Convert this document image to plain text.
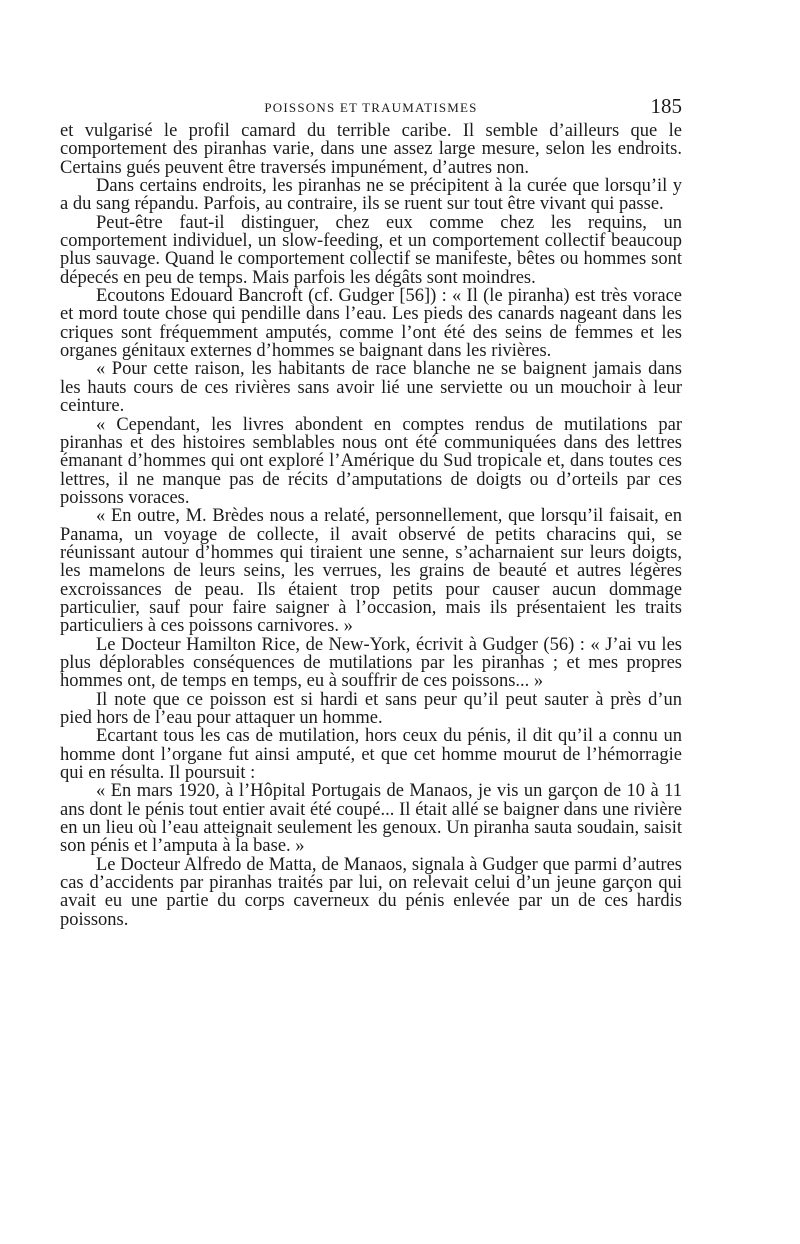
POISSONS ET TRAUMATISMES	185

et vulgarisé le profil camard du terrible caribe. Il semble d’ailleurs que le comportement des piranhas varie, dans une assez large mesure, selon les endroits. Certains gués peuvent être traversés impunément, d’autres non.

Dans certains endroits, les piranhas ne se précipitent à la curée que lorsqu’il y a du sang répandu. Parfois, au contraire, ils se ruent sur tout être vivant qui passe.

Peut-être faut-il distinguer, chez eux comme chez les requins, un comportement individuel, un slow-feeding, et un comportement collectif beaucoup plus sauvage. Quand le comportement collectif se manifeste, bêtes ou hommes sont dépecés en peu de temps. Mais parfois les dégâts sont moindres.

Ecoutons Edouard Bancroft (cf. Gudger [56]) : « Il (le piranha) est très vorace et mord toute chose qui pendille dans l’eau. Les pieds des canards nageant dans les criques sont fréquemment amputés, comme l’ont été des seins de femmes et les organes génitaux externes d’hommes se baignant dans les rivières.

« Pour cette raison, les habitants de race blanche ne se baignent jamais dans les hauts cours de ces rivières sans avoir lié une serviette ou un mouchoir à leur ceinture.

« Cependant, les livres abondent en comptes rendus de mutilations par piranhas et des histoires semblables nous ont été communiquées dans des lettres émanant d’hommes qui ont exploré l’Amérique du Sud tropicale et, dans toutes ces lettres, il ne manque pas de récits d’amputations de doigts ou d’orteils par ces poissons voraces.

« En outre, M. Brèdes nous a relaté, personnellement, que lorsqu’il faisait, en Panama, un voyage de collecte, il avait observé de petits characins qui, se réunissant autour d’hommes qui tiraient une senne, s’acharnaient sur leurs doigts, les mamelons de leurs seins, les verrues, les grains de beauté et autres légères excroissances de peau. Ils étaient trop petits pour causer aucun dommage particulier, sauf pour faire saigner à l’occasion, mais ils présentaient les traits particuliers à ces poissons carnivores. »

Le Docteur Hamilton Rice, de New-York, écrivit à Gudger (56) : « J’ai vu les plus déplorables conséquences de mutilations par les piranhas ; et mes propres hommes ont, de temps en temps, eu à souffrir de ces poissons... »

Il note que ce poisson est si hardi et sans peur qu’il peut sauter à près d’un pied hors de l’eau pour attaquer un homme.

Ecartant tous les cas de mutilation, hors ceux du pénis, il dit qu’il a connu un homme dont l’organe fut ainsi amputé, et que cet homme mourut de l’hémorragie qui en résulta. Il poursuit :

« En mars 1920, à l’Hôpital Portugais de Manaos, je vis un garçon de 10 à 11 ans dont le pénis tout entier avait été coupé... Il était allé se baigner dans une rivière en un lieu où l’eau atteignait seulement les genoux. Un piranha sauta soudain, saisit son pénis et l’amputa à la base. »

Le Docteur Alfredo de Matta, de Manaos, signala à Gudger que parmi d’autres cas d’accidents par piranhas traités par lui, on relevait celui d’un jeune garçon qui avait eu une partie du corps caverneux du pénis enlevée par un de ces hardis poissons.
